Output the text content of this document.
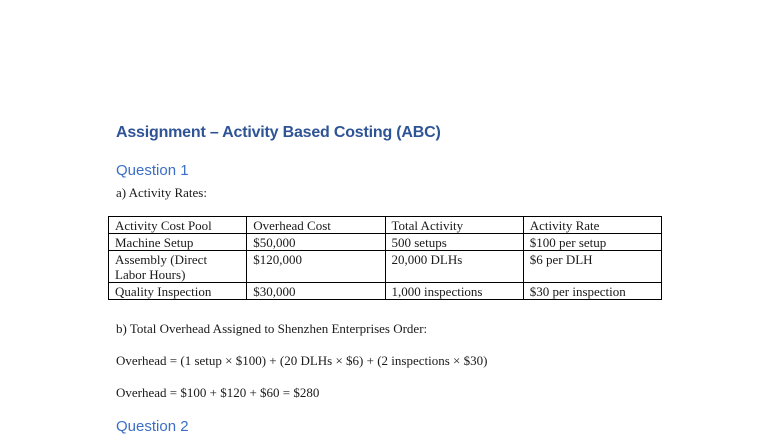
Assignment – Activity Based Costing (ABC)
Question 1
a) Activity Rates:
Activity Cost Pool	Overhead Cost	Total Activity	Activity Rate
Machine Setup	$50,000	500 setups	$100 per setup
Assembly (Direct Labor Hours)	$120,000	20,000 DLHs	$6 per DLH
Quality Inspection	$30,000	1,000 inspections	$30 per inspection
b) Total Overhead Assigned to Shenzhen Enterprises Order:
Overhead = (1 setup × $100) + (20 DLHs × $6) + (2 inspections × $30)
Overhead = $100 + $120 + $60 = $280
Question 2
